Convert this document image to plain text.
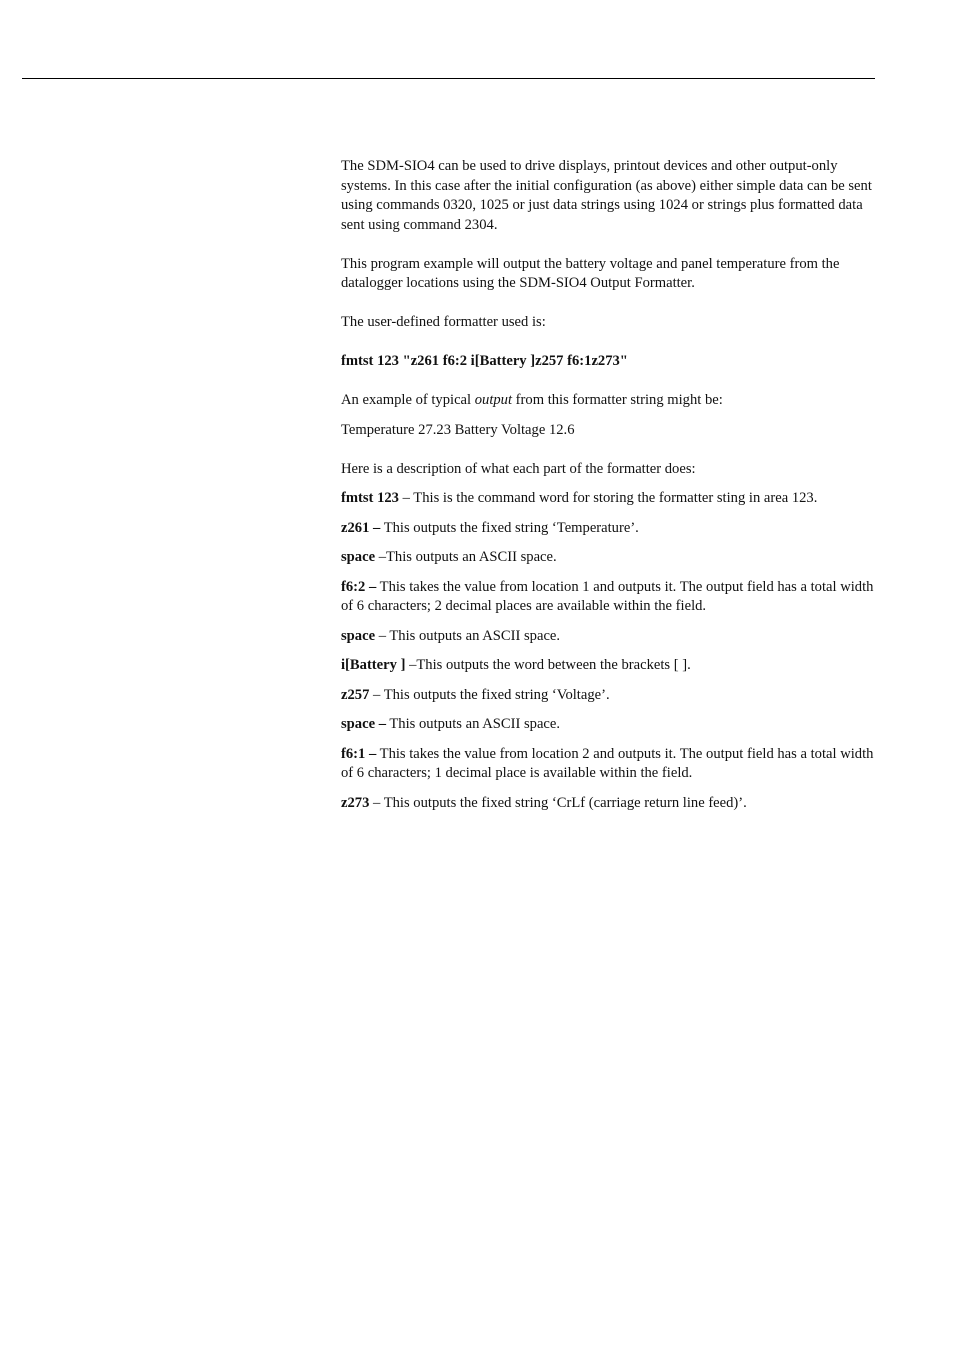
The SDM-SIO4 can be used to drive displays, printout devices and other output-only systems. In this case after the initial configuration (as above) either simple data can be sent using commands 0320, 1025 or just data strings using 1024 or strings plus formatted data sent using command 2304.

This program example will output the battery voltage and panel temperature from the datalogger locations using the SDM-SIO4 Output Formatter.

The user-defined formatter used is:

fmtst 123 "z261 f6:2 i[Battery ]z257 f6:1z273"

An example of typical output from this formatter string might be:

Temperature 27.23 Battery Voltage 12.6

Here is a description of what each part of the formatter does:

fmtst 123 – This is the command word for storing the formatter sting in area 123.

z261 – This outputs the fixed string ‘Temperature’.

space –This outputs an ASCII space.

f6:2 – This takes the value from location 1 and outputs it. The output field has a total width of 6 characters; 2 decimal places are available within the field.

space – This outputs an ASCII space.

i[Battery ] –This outputs the word between the brackets [ ].

z257 – This outputs the fixed string ‘Voltage’.

space – This outputs an ASCII space.

f6:1 – This takes the value from location 2 and outputs it. The output field has a total width of 6 characters; 1 decimal place is available within the field.

z273 – This outputs the fixed string ‘CrLf (carriage return line feed)’.
